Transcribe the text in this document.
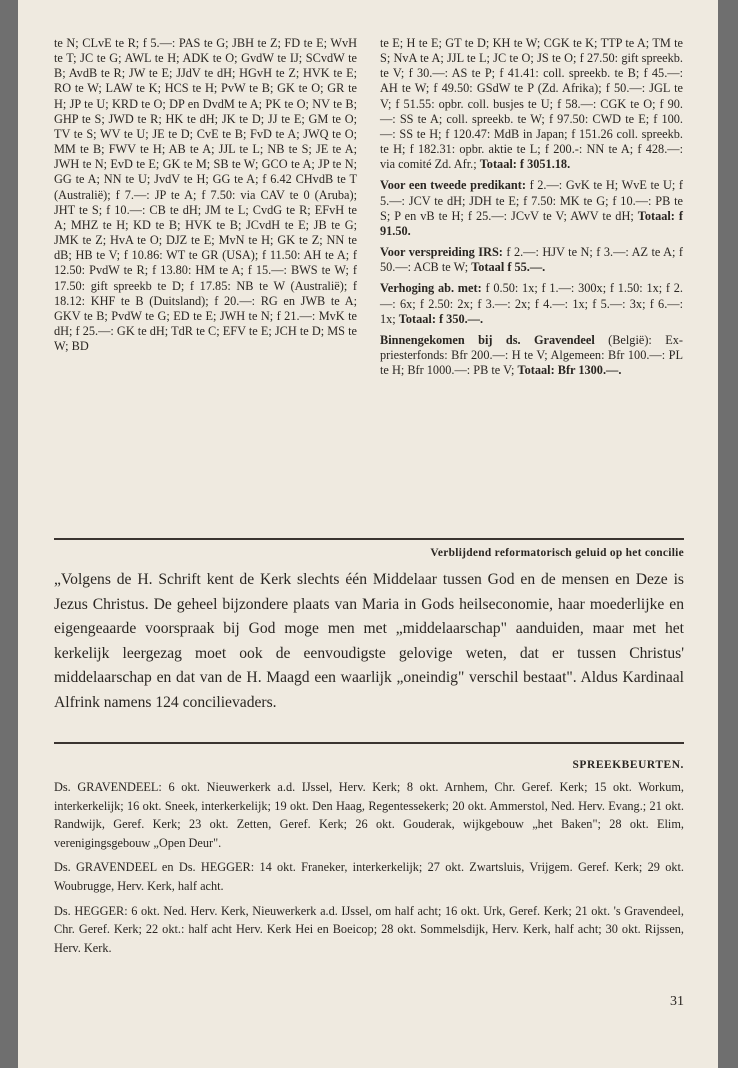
te N; CLvE te R; f 5.—: PAS te G; JBH te Z; FD te E; WvH te T; JC te G; AWL te H; ADK te O; GvdW te IJ; SCvdW te B; AvdB te R; JW te E; JJdV te dH; HGvH te Z; HVK te E; RO te W; LAW te K; HCS te H; PvW te B; GK te O; GR te H; JP te U; KRD te O; DP en DvdM te A; PK te O; NV te B; GHP te S; JWD te R; HK te dH; JK te D; JJ te E; GM te O; TV te S; WV te U; JE te D; CvE te B; FvD te A; JWQ te O; MM te B; FWV te H; AB te A; JJL te L; NB te S; JE te A; JWH te N; EvD te E; GK te M; SB te W; GCO te A; JP te N; GG te A; NN te U; JvdV te H; GG te A; f 6.42 CHvdB te T (Australië); f 7.—: JP te A; f 7.50: via CAV te 0 (Aruba); JHT te S; f 10.—: CB te dH; JM te L; CvdG te R; EFvH te A; MHZ te H; KD te B; HVK te B; JCvdH te E; JB te G; JMK te Z; HvA te O; DJZ te E; MvN te H; GK te Z; NN te dB; HB te V; f 10.86: WT te GR (USA); f 11.50: AH te A; f 12.50: PvdW te R; f 13.80: HM te A; f 15.—: BWS te W; f 17.50: gift spreekb te D; f 17.85: NB te W (Australië); f 18.12: KHF te B (Duitsland); f 20.—: RG en JWB te A; GKV te B; PvdW te G; ED te E; JWH te N; f 21.—: MvK te dH; f 25.—: GK te dH; TdR te C; EFV te E; JCH te D; MS te W; BD

te E; H te E; GT te D; KH te W; CGK te K; TTP te A; TM te S; NvA te A; JJL te L; JC te O; JS te O; f 27.50: gift spreekb. te V; f 30.—: AS te P; f 41.41: coll. spreekb. te B; f 45.—: AH te W; f 49.50: GSdW te P (Zd. Afrika); f 50.—: JGL te V; f 51.55: opbr. coll. busjes te U; f 58.—: CGK te O; f 90.—: SS te A; coll. spreekb. te W; f 97.50: CWD te E; f 100.—: SS te H; f 120.47: MdB in Japan; f 151.26 coll. spreekb. te H; f 182.31: opbr. aktie te L; f 200.-: NN te A; f 428.—: via comité Zd. Afr.; Totaal: f 3051.18.

Voor een tweede predikant: f 2.—: GvK te H; WvE te U; f 5.—: JCV te dH; JDH te E; f 7.50: MK te G; f 10.—: PB te S; P en vB te H; f 25.—: JCvV te V; AWV te dH; Totaal: f 91.50.

Voor verspreiding IRS: f 2.—: HJV te N; f 3.—: AZ te A; f 50.—: ACB te W; Totaal f 55.—.

Verhoging ab. met: f 0.50: 1x; f 1.—: 300x; f 1.50: 1x; f 2.—: 6x; f 2.50: 2x; f 3.—: 2x; f 4.—: 1x; f 5.—: 3x; f 6.—: 1x; Totaal: f 350.—.

Binnengekomen bij ds. Gravendeel (België): Ex-priesterfonds: Bfr 200.—: H te V; Algemeen: Bfr 100.—: PL te H; Bfr 1000.—: PB te V; Totaal: Bfr 1300.—.

Verblijdend reformatorisch geluid op het concilie

„Volgens de H. Schrift kent de Kerk slechts één Middelaar tussen God en de mensen en Deze is Jezus Christus. De geheel bijzondere plaats van Maria in Gods heilseconomie, haar moederlijke en eigengeaarde voorspraak bij God moge men met „middelaarschap" aanduiden, maar met het kerkelijk leergezag moet ook de eenvoudigste gelovige weten, dat er tussen Christus' middelaarschap en dat van de H. Maagd een waarlijk „oneindig" verschil bestaat". Aldus Kardinaal Alfrink namens 124 concilievaders.

SPREEKBEURTEN.

Ds. GRAVENDEEL: 6 okt. Nieuwerkerk a.d. IJssel, Herv. Kerk; 8 okt. Arnhem, Chr. Geref. Kerk; 15 okt. Workum, interkerkelijk; 16 okt. Sneek, interkerkelijk; 19 okt. Den Haag, Regentessekerk; 20 okt. Ammerstol, Ned. Herv. Evang.; 21 okt. Randwijk, Geref. Kerk; 23 okt. Zetten, Geref. Kerk; 26 okt. Gouderak, wijkgebouw „het Baken"; 28 okt. Elim, verenigingsgebouw „Open Deur".

Ds. GRAVENDEEL en Ds. HEGGER: 14 okt. Franeker, interkerkelijk; 27 okt. Zwartsluis, Vrijgem. Geref. Kerk; 29 okt. Woubrugge, Herv. Kerk, half acht.

Ds. HEGGER: 6 okt. Ned. Herv. Kerk, Nieuwerkerk a.d. IJssel, om half acht; 16 okt. Urk, Geref. Kerk; 21 okt. 's Gravendeel, Chr. Geref. Kerk; 22 okt.: half acht Herv. Kerk Hei en Boeicop; 28 okt. Sommelsdijk, Herv. Kerk, half acht; 30 okt. Rijssen, Herv. Kerk.

31
